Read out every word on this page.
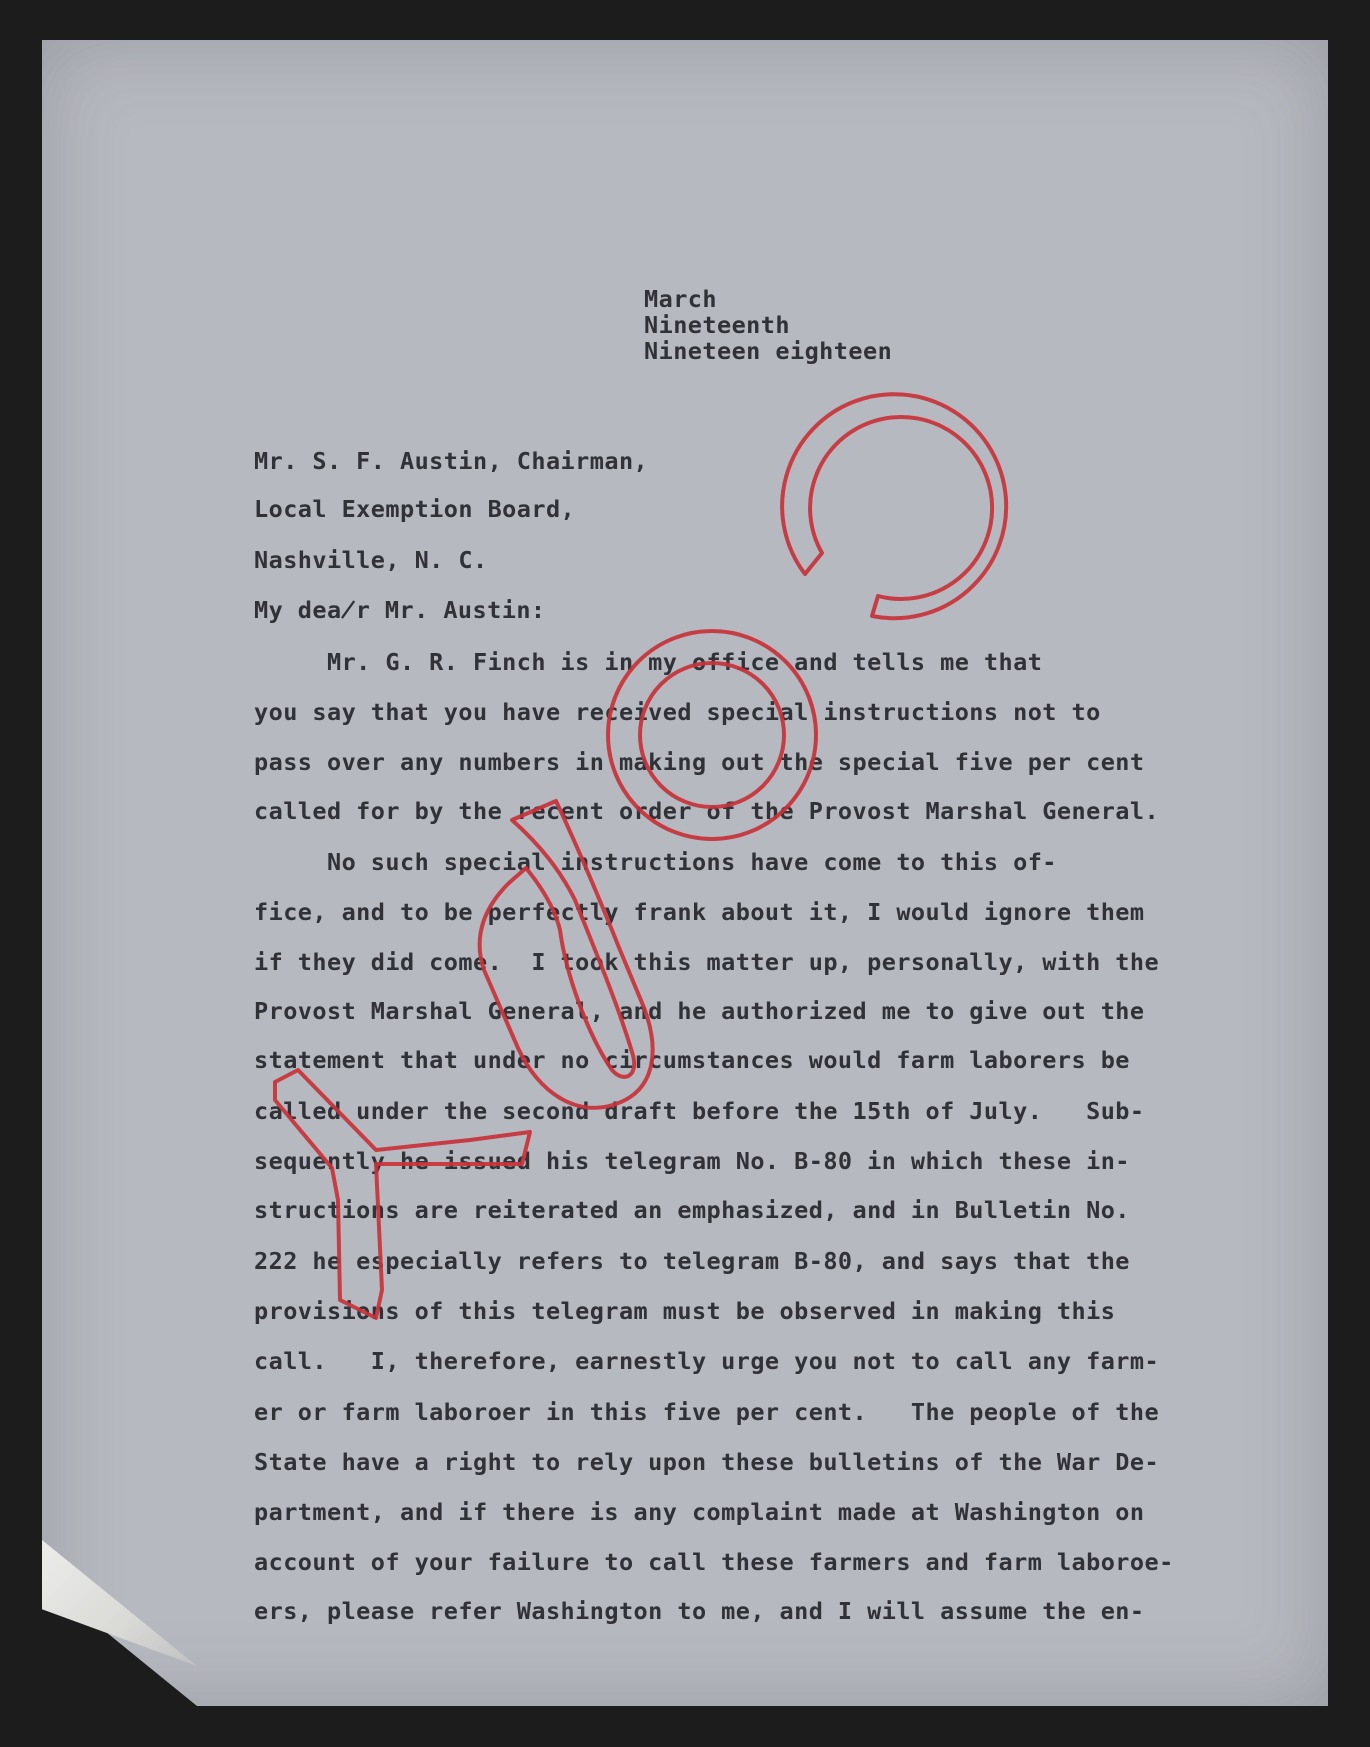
March

Nineteenth

Nineteen eighteen

Mr. S. F. Austin, Chairman,

Local Exemption Board,

Nashville, N. C.

My dea̸r Mr. Austin:

Mr. G. R. Finch is in my office and tells me that

you say that you have received special instructions not to

pass over any numbers in making out the special five per cent

called for by the recent order of the Provost Marshal General.

No such special instructions have come to this of-

fice, and to be perfectly frank about it, I would ignore them

if they did come.  I took this matter up, personally, with the

Provost Marshal General, and he authorized me to give out the

statement that under no circumstances would farm laborers be

called under the second draft before the 15th of July.   Sub-

sequently he issued his telegram No. B-80 in which these in-

structions are reiterated an emphasized, and in Bulletin No.

222 he especially refers to telegram B-80, and says that the

provisions of this telegram must be observed in making this

call.   I, therefore, earnestly urge you not to call any farm-

er or farm laboroer in this five per cent.   The people of the

State have a right to rely upon these bulletins of the War De-

partment, and if there is any complaint made at Washington on

account of your failure to call these farmers and farm laboroe-

ers, please refer Washington to me, and I will assume the en-
